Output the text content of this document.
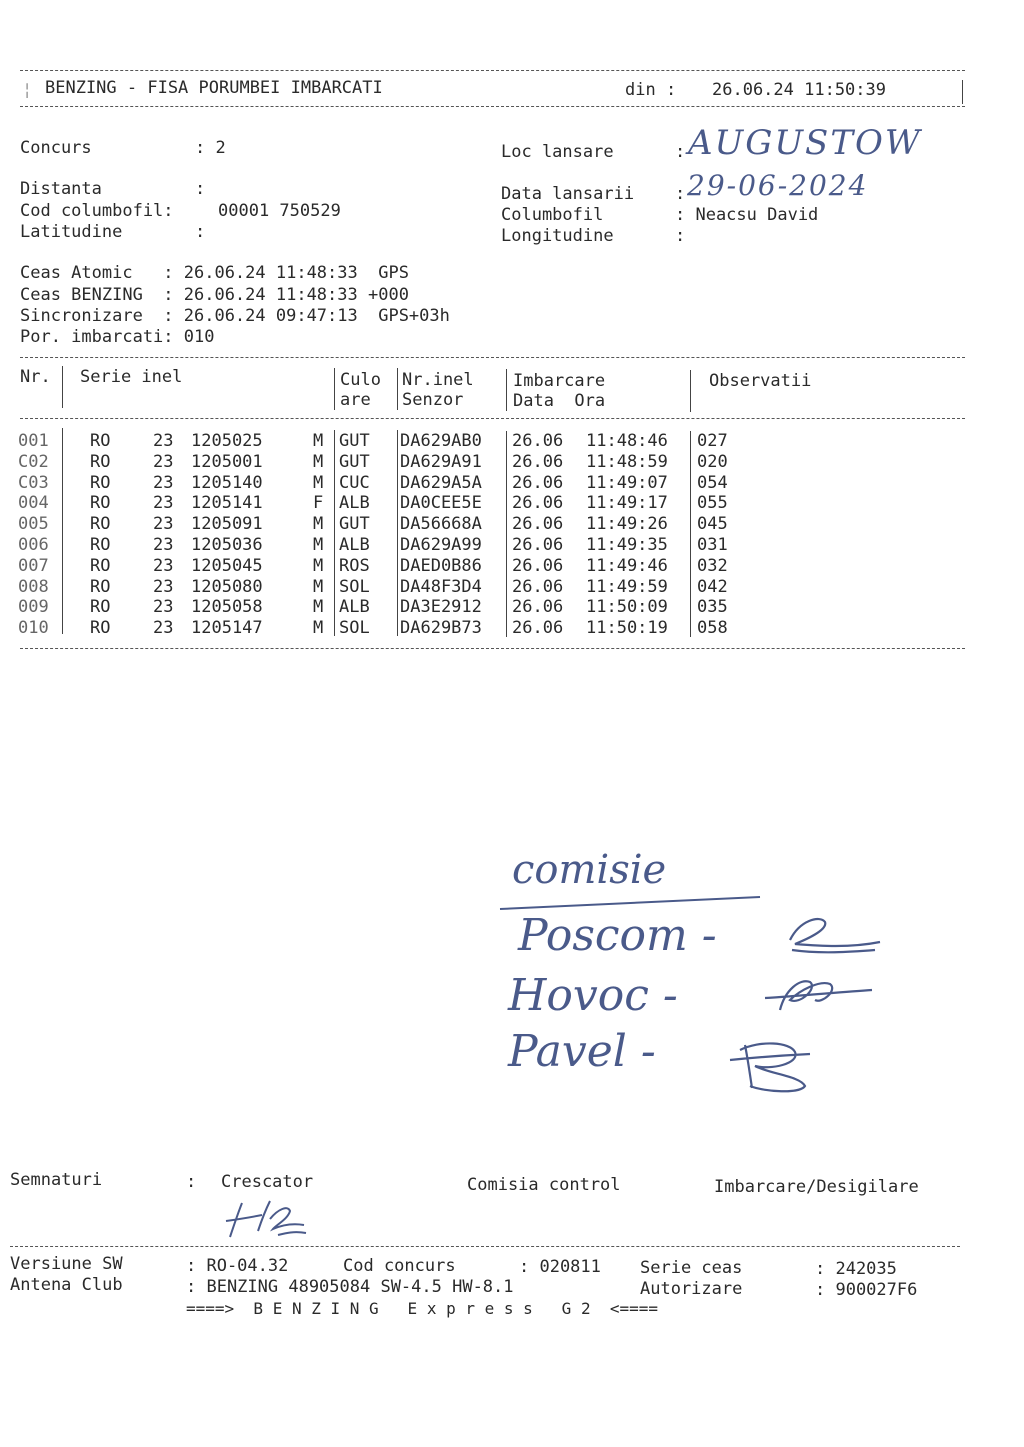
¦ BENZING - FISA PORUMBEI IMBARCATI	din : 26.06.24 11:50:39
Concurs	: 2	Loc lansare	: AUGUSTOW
Distanta	:	Data lansarii : 29-06-2024
Cod columbofil:	00001 750529	Columbofil	: Neacsu David
Latitudine	:	Longitudine	:
Ceas Atomic   : 26.06.24 11:48:33  GPS
Ceas BENZING  : 26.06.24 11:48:33 +000
Sincronizare  : 26.06.24 09:47:13  GPS+03h
Por. imbarcati: 010
Nr. Serie inel	Culo
are
Nr.inel
Senzor
Imbarcare
Data  Ora
Observatii
001 RO	23 1205025	M GUT DA629AB0 26.06 11:48:46 027
C02 RO	23 1205001	M GUT DA629A91 26.06 11:48:59 020
C03 RO	23 1205140	M CUC DA629A5A 26.06 11:49:07 054
004 RO	23 1205141	F ALB DA0CEE5E 26.06 11:49:17 055
005 RO	23 1205091	M GUT DA56668A 26.06 11:49:26 045
006 RO	23 1205036	M ALB DA629A99 26.06 11:49:35 031
007 RO	23 1205045	M ROS DAED0B86 26.06 11:49:46 032
008 RO	23 1205080	M SOL DA48F3D4 26.06 11:49:59 042
009 RO	23 1205058	M ALB DA3E2912 26.06 11:50:09 035
010 RO	23 1205147	M SOL DA629B73 26.06 11:50:19 058
comisie
Poscom -
Hovoc -
Pavel -
Semnaturi	: Crescator	Comisia control	Imbarcare/Desigilare
Versiune SW	: RO-04.32	Cod concurs	: 020811 Serie ceas	: 242035
Antena Club	: BENZING 48905084 SW-4.5 HW-8.1	Autorizare	: 900027F6
====>  B E N Z I N G   E x p r e s s   G 2  <====
